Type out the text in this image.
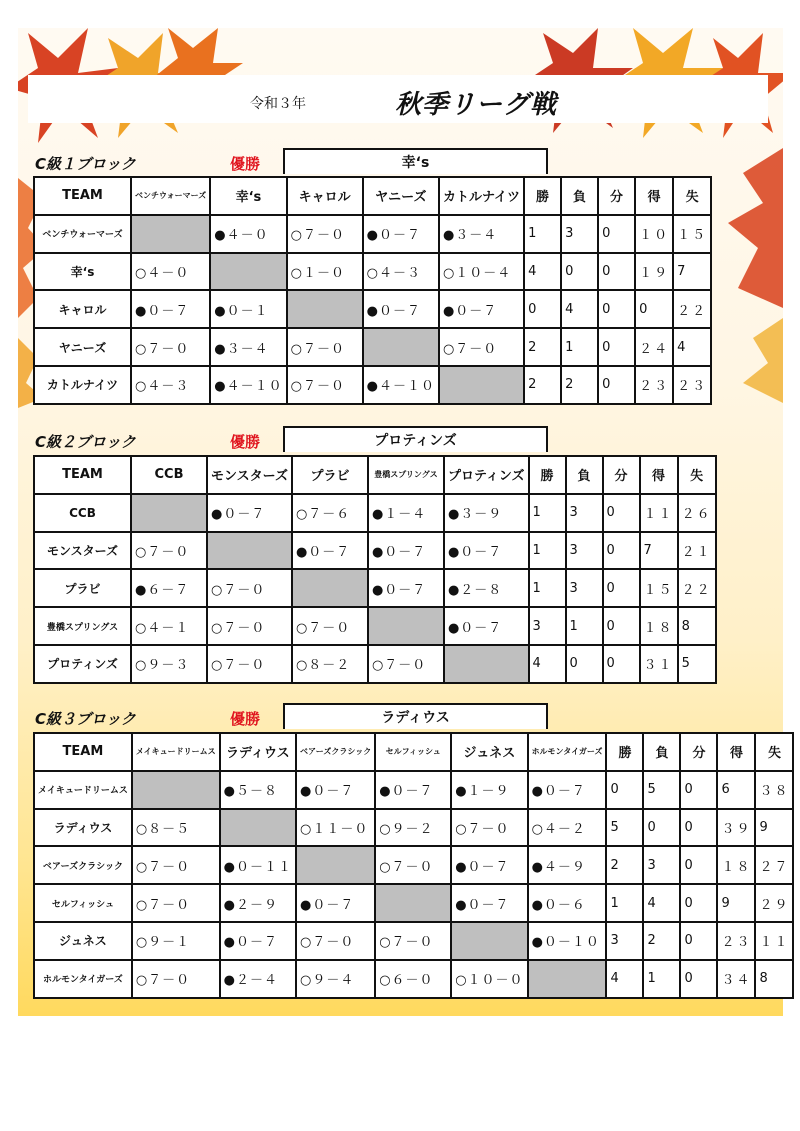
令和３年	秋季リーグ戦
C級１ブロック	優勝	幸‘s
TEAM	ベンチウォーマーズ	幸‘s	キャロル	ヤニーズ	カトルナイツ	勝	負	分	得	失
ベンチウォーマーズ		●４－０	○７－０	●０－７	●３－４	1	3	0	１０	１５
幸‘s	○４－０		○１－０	○４－３	○１０－４	4	0	0	１９	7
キャロル	●０－７	●０－１		●０－７	●０－７	0	4	0	0	２２
ヤニーズ	○７－０	●３－４	○７－０		○７－０	2	1	0	２４	4
カトルナイツ	○４－３	●４－１０	○７－０	●４－１０		2	2	0	２３	２３
C級２ブロック	優勝	プロティンズ
TEAM	CCB	モンスターズ	プラビ	豊橋スプリングス	プロティンズ	勝	負	分	得	失
CCB		●０－７	○７－６	●１－４	●３－９	1	3	0	１１	２６
モンスターズ	○７－０		●０－７	●０－７	●０－７	1	3	0	7	２１
プラビ	●６－７	○７－０		●０－７	●２－８	1	3	0	１５	２２
豊橋スプリングス	○４－１	○７－０	○７－０		●０－７	3	1	0	１８	8
プロティンズ	○９－３	○７－０	○８－２	○７－０		4	0	0	３１	5
C級３ブロック	優勝	ラディウス
TEAM	メイキュードリームス	ラディウス	ベアーズクラシック	セルフィッシュ	ジュネス	ホルモンタイガーズ	勝	負	分	得	失
メイキュードリームス		●５－８	●０－７	●０－７	●１－９	●０－７	0	5	0	6	３８
ラディウス	○８－５		○１１－０	○９－２	○７－０	○４－２	5	0	0	３９	9
ベアーズクラシック	○７－０	●０－１１		○７－０	●０－７	●４－９	2	3	0	１８	２７
セルフィッシュ	○７－０	●２－９	●０－７		●０－７	●０－６	1	4	0	9	２９
ジュネス	○９－１	●０－７	○７－０	○７－０		●０－１０	3	2	0	２３	１１
ホルモンタイガーズ	○７－０	●２－４	○９－４	○６－０	○１０－０		4	1	0	３４	8
